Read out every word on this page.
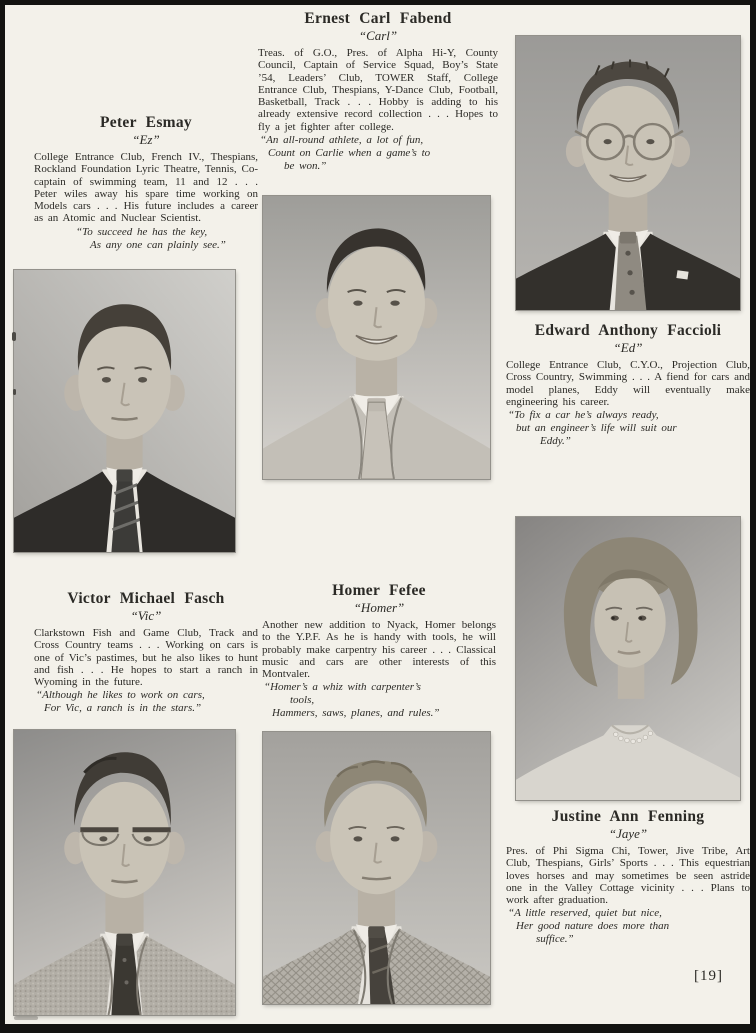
Peter Esmay
“Ez”

College Entrance Club, French IV., Thespians, Rockland Foundation Lyric Theatre, Tennis, Co-captain of swimming team, 11 and 12 . . . Peter wiles away his spare time working on Models cars . . . His future includes a career as an Atomic and Nuclear Scientist.

“To succeed he has the key,
As any one can plainly see.”
Ernest Carl Fabend
“Carl”

Treas. of G.O., Pres. of Alpha Hi-Y, County Council, Captain of Service Squad, Boy’s State ’54, Leaders’ Club, TOWER Staff, College Entrance Club, Thespians, Y-Dance Club, Football, Basketball, Track . . . Hobby is adding to his already extensive record collection . . . Hopes to fly a jet fighter after college.

“An all-round athlete, a lot of fun,
Count on Carlie when a game’s to
be won.”
Edward Anthony Faccioli
“Ed”

College Entrance Club, C.Y.O., Projection Club, Cross Country, Swimming . . . A fiend for cars and model planes, Eddy will eventually make engineering his career.

“To fix a car he’s always ready,
but an engineer’s life will suit our
Eddy.”
Victor Michael Fasch
“Vic”

Clarkstown Fish and Game Club, Track and Cross Country teams . . . Working on cars is one of Vic’s pastimes, but he also likes to hunt and fish . . . He hopes to start a ranch in Wyoming in the future.

“Although he likes to work on cars,
For Vic, a ranch is in the stars.”
Homer Fefee
“Homer”

Another new addition to Nyack, Homer belongs to the Y.P.F. As he is handy with tools, he will probably make carpentry his career . . . Classical music and cars are other interests of this Montvaler.

“Homer’s a whiz with carpenter’s
tools,
Hammers, saws, planes, and rules.”
Justine Ann Fenning
“Jaye”

Pres. of Phi Sigma Chi, Tower, Jive Tribe, Art Club, Thespians, Girls’ Sports . . . This equestrian loves horses and may sometimes be seen astride one in the Valley Cottage vicinity . . . Plans to work after graduation.

“A little reserved, quiet but nice,
Her good nature does more than
suffice.”
[19]
